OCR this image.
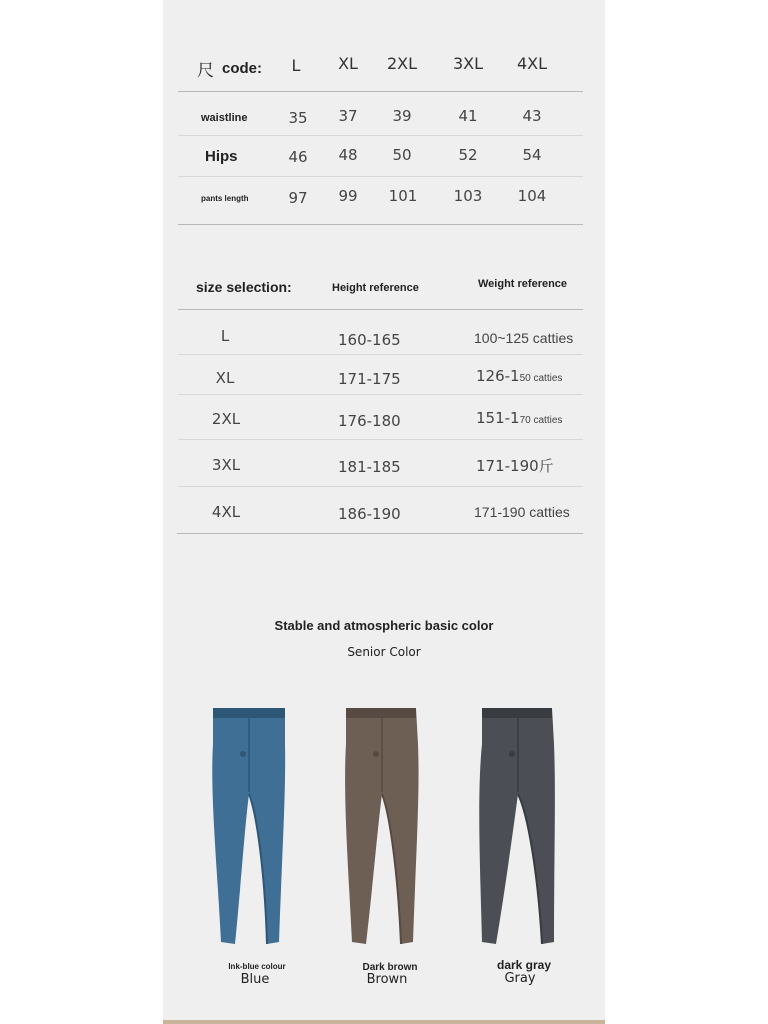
尺 code:	L	XL	2XL	3XL	4XL
waistline	35	37	39	41	43
Hips	46	48	50	52	54
pants length	97	99	101	103	104
size selection:	Height reference	Weight reference
L	160-165	100~125 catties
XL	171-175	126-150 catties
2XL	176-180	151-170 catties
3XL	181-185	171-190斤
4XL	186-190	171-190 catties
Stable and atmospheric basic color
Senior Color
Ink-blue colour
Blue
Dark brown
Brown
dark gray
Gray
